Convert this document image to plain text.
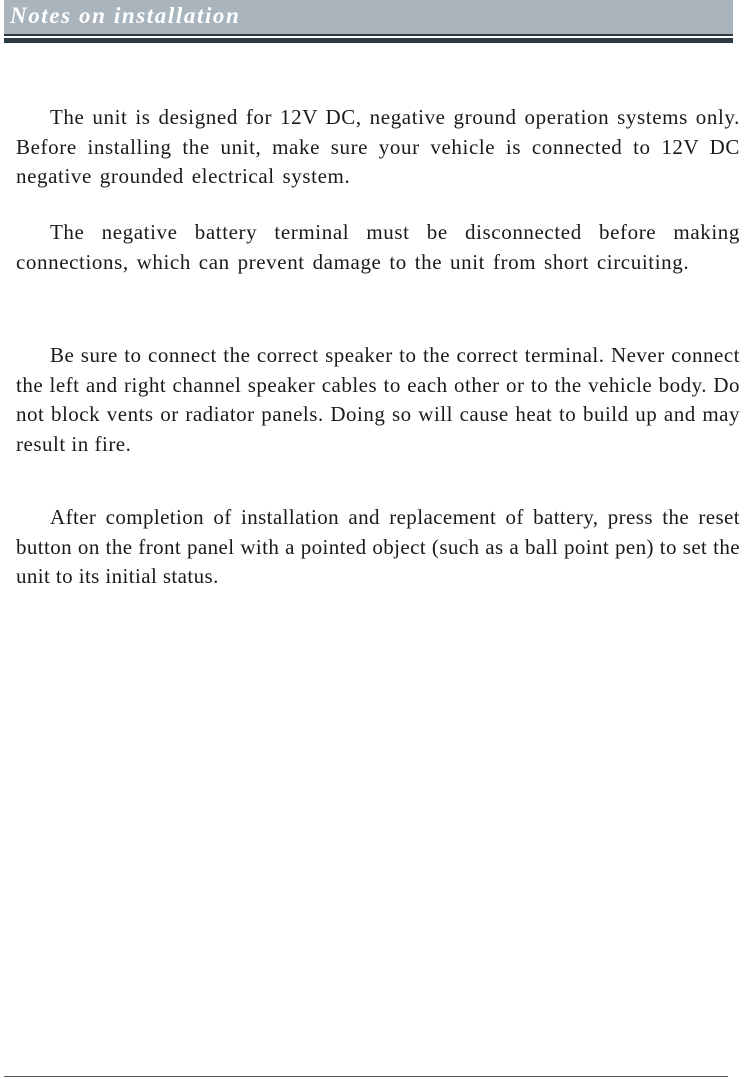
Notes on installation

The unit is designed for 12V DC, negative ground operation systems only. Before installing the unit, make sure your vehicle is connected to 12V DC negative grounded electrical system.

The negative battery terminal must be disconnected before making connections, which can prevent damage to the unit from short circuiting.

Be sure to connect the correct speaker to the correct terminal. Never connect the left and right channel speaker cables to each other or to the vehicle body. Do not block vents or radiator panels. Doing so will cause heat to build up and may result in fire.

After completion of installation and replacement of battery, press the reset button on the front panel with a pointed object (such as a ball point pen) to set the unit to its initial status.
